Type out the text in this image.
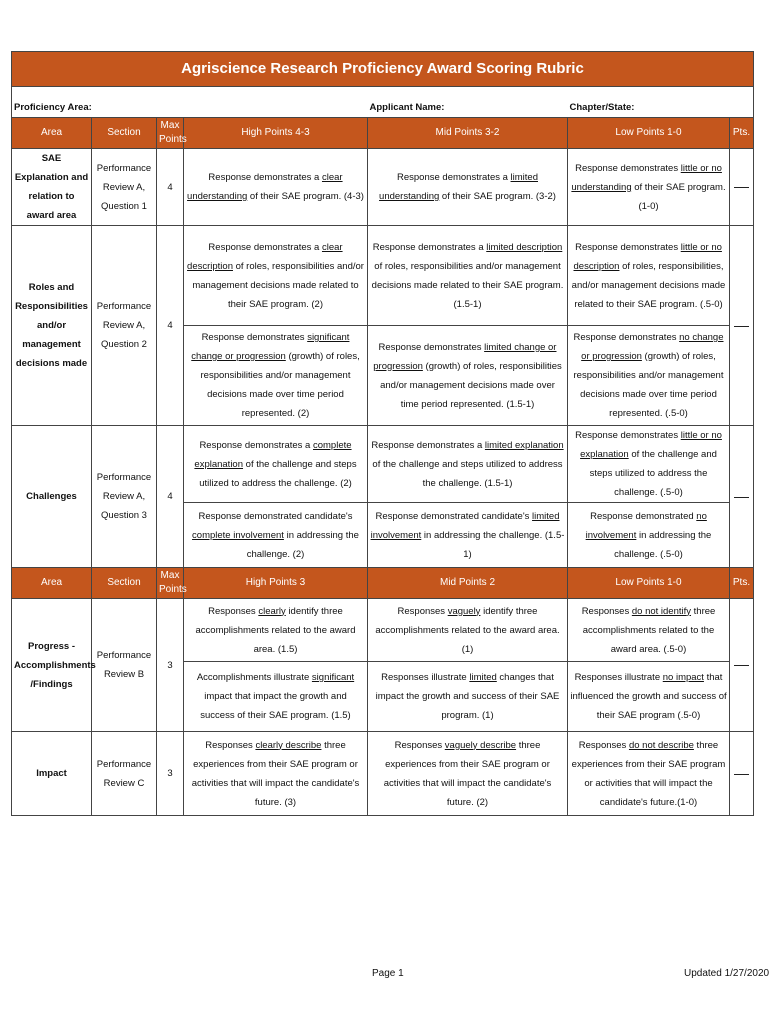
Agriscience Research Proficiency Award Scoring Rubric						
Proficiency Area:				Applicant Name:	Chapter/State:	
Area	Section	Max Points	High Points 4-3	Mid Points 3-2	Low Points 1-0	Pts.
SAE Explanation and relation to award area	Performance Review A, Question 1	4	Response demonstrates a clear understanding of their SAE program. (4-3)	Response demonstrates a limited understanding of their SAE program. (3-2)	Response demonstrates little or no understanding of their SAE program. (1-0)	

Roles and Responsibilities and/or management decisions made	Performance Review A, Question 2	4	Response demonstrates a clear description of roles, responsibilities and/or management decisions made related to their SAE program. (2)	Response demonstrates a limited description of roles, responsibilities and/or management decisions made related to their SAE program. (1.5-1)	Response demonstrates little or no description of roles, responsibilities, and/or management decisions made related to their SAE program. (.5-0)	

			Response demonstrates significant change or progression (growth) of roles, responsibilities and/or management decisions made over time period represented. (2)	Response demonstrates limited change or progression (growth) of roles, responsibilities and/or management decisions made over time period represented. (1.5-1)	Response demonstrates no change or progression (growth) of roles, responsibilities and/or management decisions made over time period represented. (.5-0)	
Challenges	Performance Review A, Question 3	4	Response demonstrates a complete explanation of the challenge and steps utilized to address the challenge. (2)	Response demonstrates a limited explanation of the challenge and steps utilized to address the challenge. (1.5-1)	Response demonstrates little or no explanation of the challenge and steps utilized to address the challenge. (.5-0)	

			Response demonstrated candidate's complete involvement in addressing the challenge. (2)	Response demonstrated candidate's limited involvement in addressing the challenge. (1.5-1)	Response demonstrated no involvement in addressing the challenge. (.5-0)	
Area	Section	Max Points	High Points 3	Mid Points 2	Low Points 1-0	Pts.
Progress - Accomplishments /Findings	Performance Review B	3	Responses clearly identify three accomplishments related to the award area. (1.5)	Responses vaguely identify three accomplishments related to the award area. (1)	Responses do not identify three accomplishments related to the award area. (.5-0)	

			Accomplishments illustrate significant impact that impact the growth and success of their SAE program. (1.5)	Responses illustrate limited changes that impact the growth and success of their SAE program. (1)	Responses illustrate no impact that influenced the growth and success of their SAE program (.5-0)	
Impact	Performance Review C	3	Responses clearly describe three experiences from their SAE program or activities that will impact the candidate's future. (3)	Responses vaguely describe three experiences from their SAE program or activities that will impact the candidate's future. (2)	Responses do not describe three experiences from their SAE program or activities that will impact the candidate's future.(1-0)	
Page 1	Updated 1/27/2020
